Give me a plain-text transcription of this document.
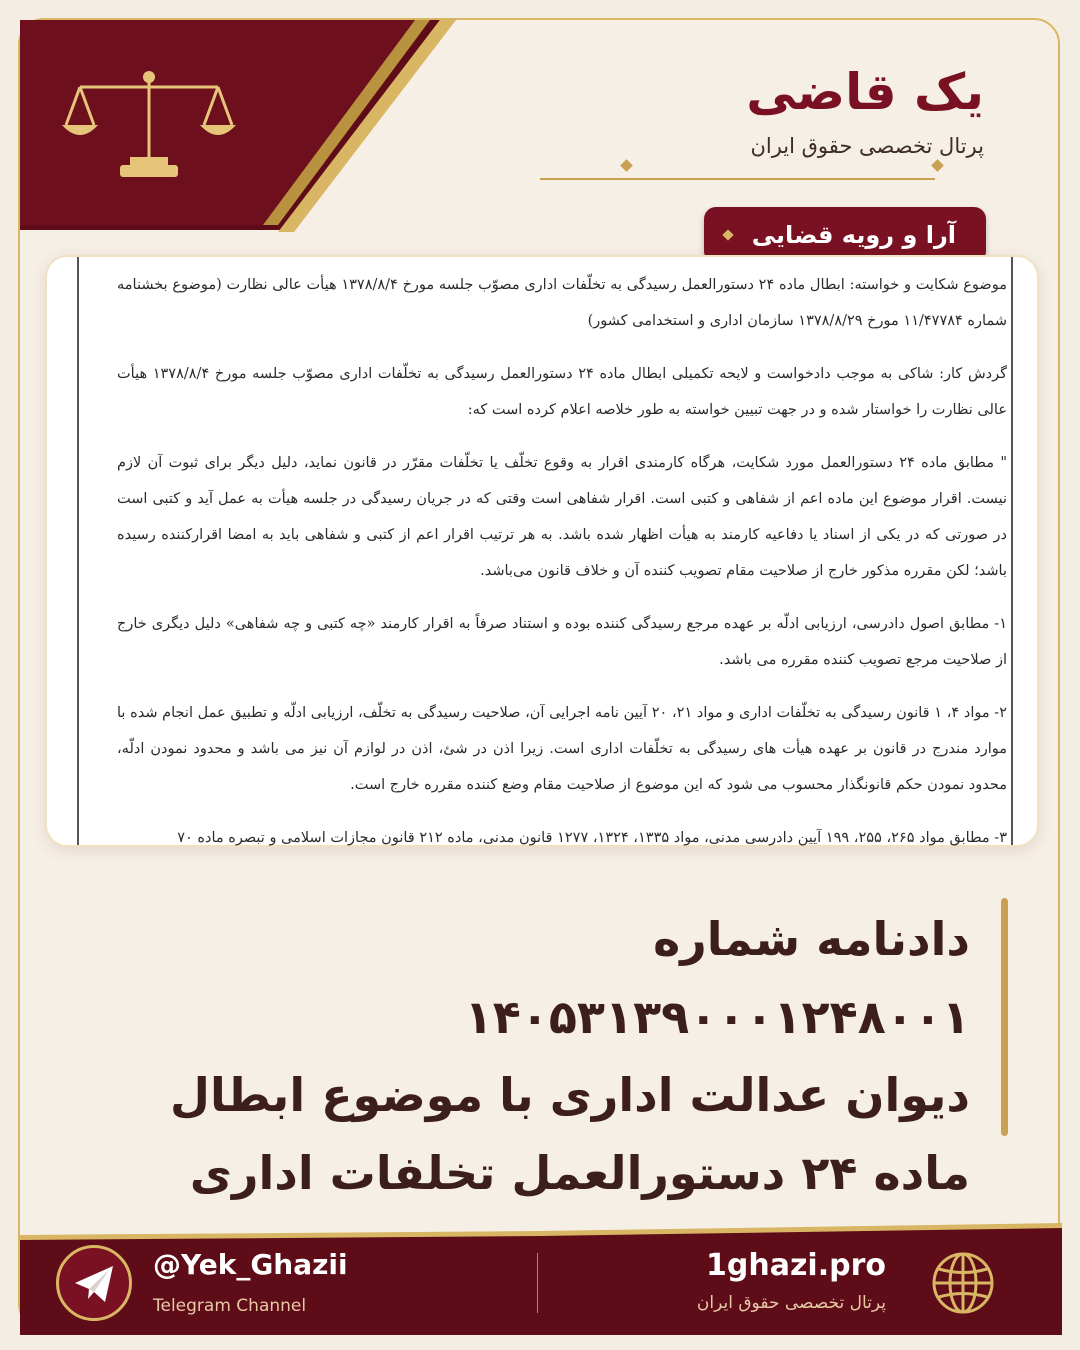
یک قاضی
پرتال تخصصی حقوق ایران
آرا و رویه قضایی

موضوع شکایت و خواسته: ابطال ماده ۲۴ دستورالعمل رسیدگی به تخلّفات اداری مصوّب جلسه مورخ ۱۳۷۸/۸/۴ هیأت عالی نظارت (موضوع بخشنامه شماره ۱۱/۴۷۷۸۴ مورخ ۱۳۷۸/۸/۲۹ سازمان اداری و استخدامی کشور)

گردش کار: شاکی به موجب دادخواست و لایحه تکمیلی ابطال ماده ۲۴ دستورالعمل رسیدگی به تخلّفات اداری مصوّب جلسه مورخ ۱۳۷۸/۸/۴ هیأت عالی نظارت را خواستار شده و در جهت تبیین خواسته به طور خلاصه اعلام کرده است که:

" مطابق ماده ۲۴ دستورالعمل مورد شکایت، هرگاه کارمندی اقرار به وقوع تخلّف یا تخلّفات مقرّر در قانون نماید، دلیل دیگر برای ثبوت آن لازم نیست. اقرار موضوع این ماده اعم از شفاهی و کتبی است. اقرار شفاهی است وقتی که در جریان رسیدگی در جلسه هیأت به عمل آید و کتبی است در صورتی که در یکی از اسناد یا دفاعیه کارمند به هیأت اظهار شده باشد. به هر ترتیب اقرار اعم از کتبی و شفاهی باید به امضا اقرارکننده رسیده باشد؛ لکن مقرره مذکور خارج از صلاحیت مقام تصویب کننده آن و خلاف قانون می‌باشد.

۱- مطابق اصول دادرسی، ارزیابی ادلّه بر عهده مرجع رسیدگی کننده بوده و استناد صرفاً به اقرار کارمند «چه کتبی و چه شفاهی» دلیل دیگری خارج از صلاحیت مرجع تصویب کننده مقرره می باشد.

۲- مواد ۴، ۱ قانون رسیدگی به تخلّفات اداری و مواد ۲۱، ۲۰ آیین نامه اجرایی آن، صلاحیت رسیدگی به تخلّف، ارزیابی ادلّه و تطبیق عمل انجام شده با موارد مندرج در قانون بر عهده هیأت های رسیدگی به تخلّفات اداری است. زیرا اذن در شئ، اذن در لوازم آن نیز می باشد و محدود نمودن ادلّه، محدود نمودن حکم قانونگذار محسوب می شود که این موضوع از صلاحیت مقام وضع کننده مقرره خارج است.

۳- مطابق مواد ۲۶۵، ۲۵۵، ۱۹۹ آیین دادرسی مدنی، مواد ۱۳۳۵، ۱۳۲۴، ۱۲۷۷ قانون مدنی، ماده ۲۱۲ قانون مجازات اسلامی و تبصره ماده ۷۰

دادنامه شماره ۱۴۰۵۳۱۳۹۰۰۰۱۲۴۸۰۰۱
دیوان عدالت اداری با موضوع ابطال
ماده ۲۴ دستورالعمل تخلفات اداری
@Yek_Ghazii
Telegram Channel
1ghazi.pro
پرتال تخصصی حقوق ایران
